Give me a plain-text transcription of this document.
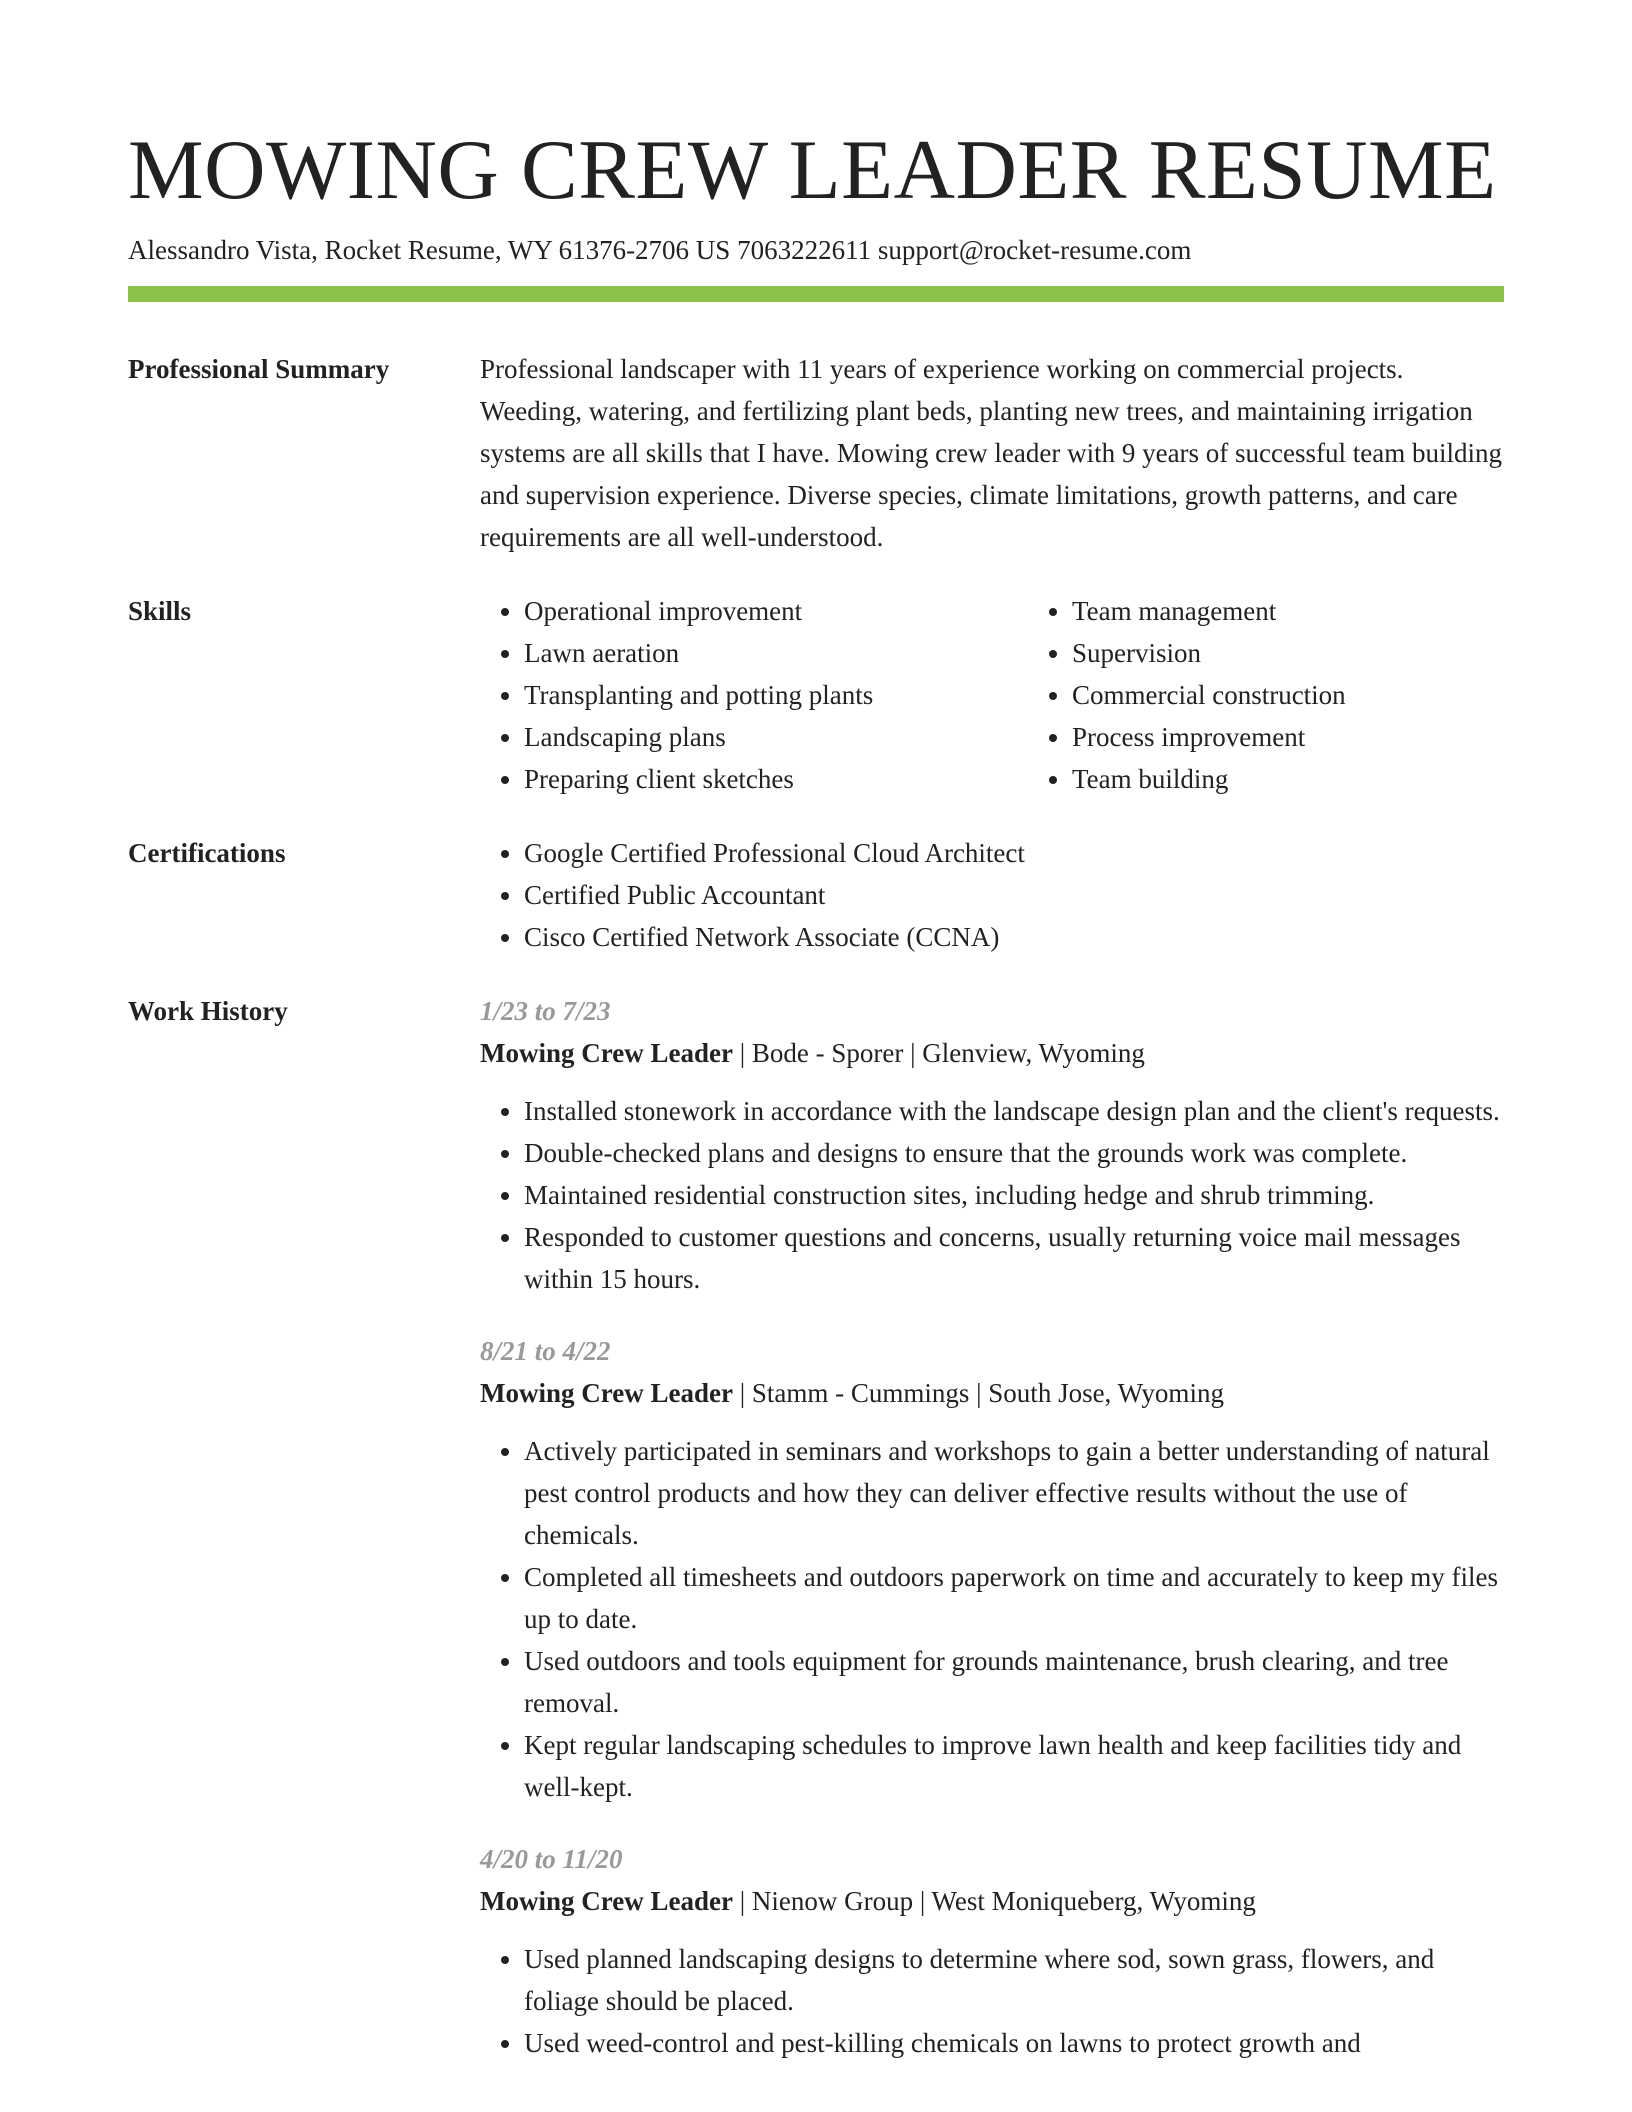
MOWING CREW LEADER RESUME
Alessandro Vista, Rocket Resume, WY 61376-2706 US 7063222611 support@rocket-resume.com
Professional Summary	Professional landscaper with 11 years of experience working on commercial projects. Weeding, watering, and fertilizing plant beds, planting new trees, and maintaining irrigation systems are all skills that I have. Mowing crew leader with 9 years of successful team building and supervision experience. Diverse species, climate limitations, growth patterns, and care requirements are all well-understood.

Skills	• Operational improvement
• Lawn aeration
• Transplanting and potting plants
• Landscaping plans
• Preparing client sketches
• Team management
• Supervision
• Commercial construction
• Process improvement
• Team building
Certifications	• Google Certified Professional Cloud Architect
• Certified Public Accountant
• Cisco Certified Network Associate (CCNA)
Work History	1/23 to 7/23
Mowing Crew Leader | Bode - Sporer | Glenview, Wyoming
• Installed stonework in accordance with the landscape design plan and the client's requests.
• Double-checked plans and designs to ensure that the grounds work was complete.
• Maintained residential construction sites, including hedge and shrub trimming.
• Responded to customer questions and concerns, usually returning voice mail messages within 15 hours.
8/21 to 4/22
Mowing Crew Leader | Stamm - Cummings | South Jose, Wyoming
• Actively participated in seminars and workshops to gain a better understanding of natural pest control products and how they can deliver effective results without the use of chemicals.
• Completed all timesheets and outdoors paperwork on time and accurately to keep my files up to date.
• Used outdoors and tools equipment for grounds maintenance, brush clearing, and tree removal.
• Kept regular landscaping schedules to improve lawn health and keep facilities tidy and well-kept.
4/20 to 11/20
Mowing Crew Leader | Nienow Group | West Moniqueberg, Wyoming
• Used planned landscaping designs to determine where sod, sown grass, flowers, and foliage should be placed.
• Used weed-control and pest-killing chemicals on lawns to protect growth and
